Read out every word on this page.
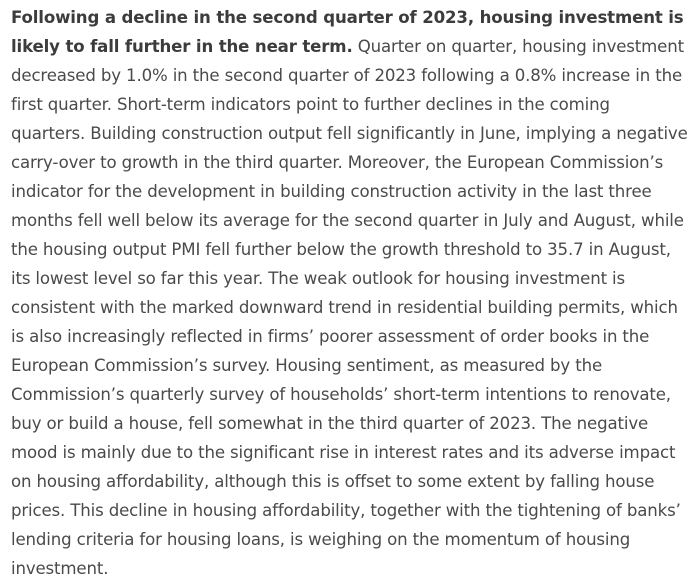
Following a decline in the second quarter of 2023, housing investment is likely to fall further in the near term. Quarter on quarter, housing investment decreased by 1.0% in the second quarter of 2023 following a 0.8% increase in the first quarter. Short-term indicators point to further declines in the coming quarters. Building construction output fell significantly in June, implying a negative carry-over to growth in the third quarter. Moreover, the European Commission’s indicator for the development in building construction activity in the last three months fell well below its average for the second quarter in July and August, while the housing output PMI fell further below the growth threshold to 35.7 in August, its lowest level so far this year. The weak outlook for housing investment is consistent with the marked downward trend in residential building permits, which is also increasingly reflected in firms’ poorer assessment of order books in the European Commission’s survey. Housing sentiment, as measured by the Commission’s quarterly survey of households’ short-term intentions to renovate, buy or build a house, fell somewhat in the third quarter of 2023. The negative mood is mainly due to the significant rise in interest rates and its adverse impact on housing affordability, although this is offset to some extent by falling house prices. This decline in housing affordability, together with the tightening of banks’ lending criteria for housing loans, is weighing on the momentum of housing investment.
